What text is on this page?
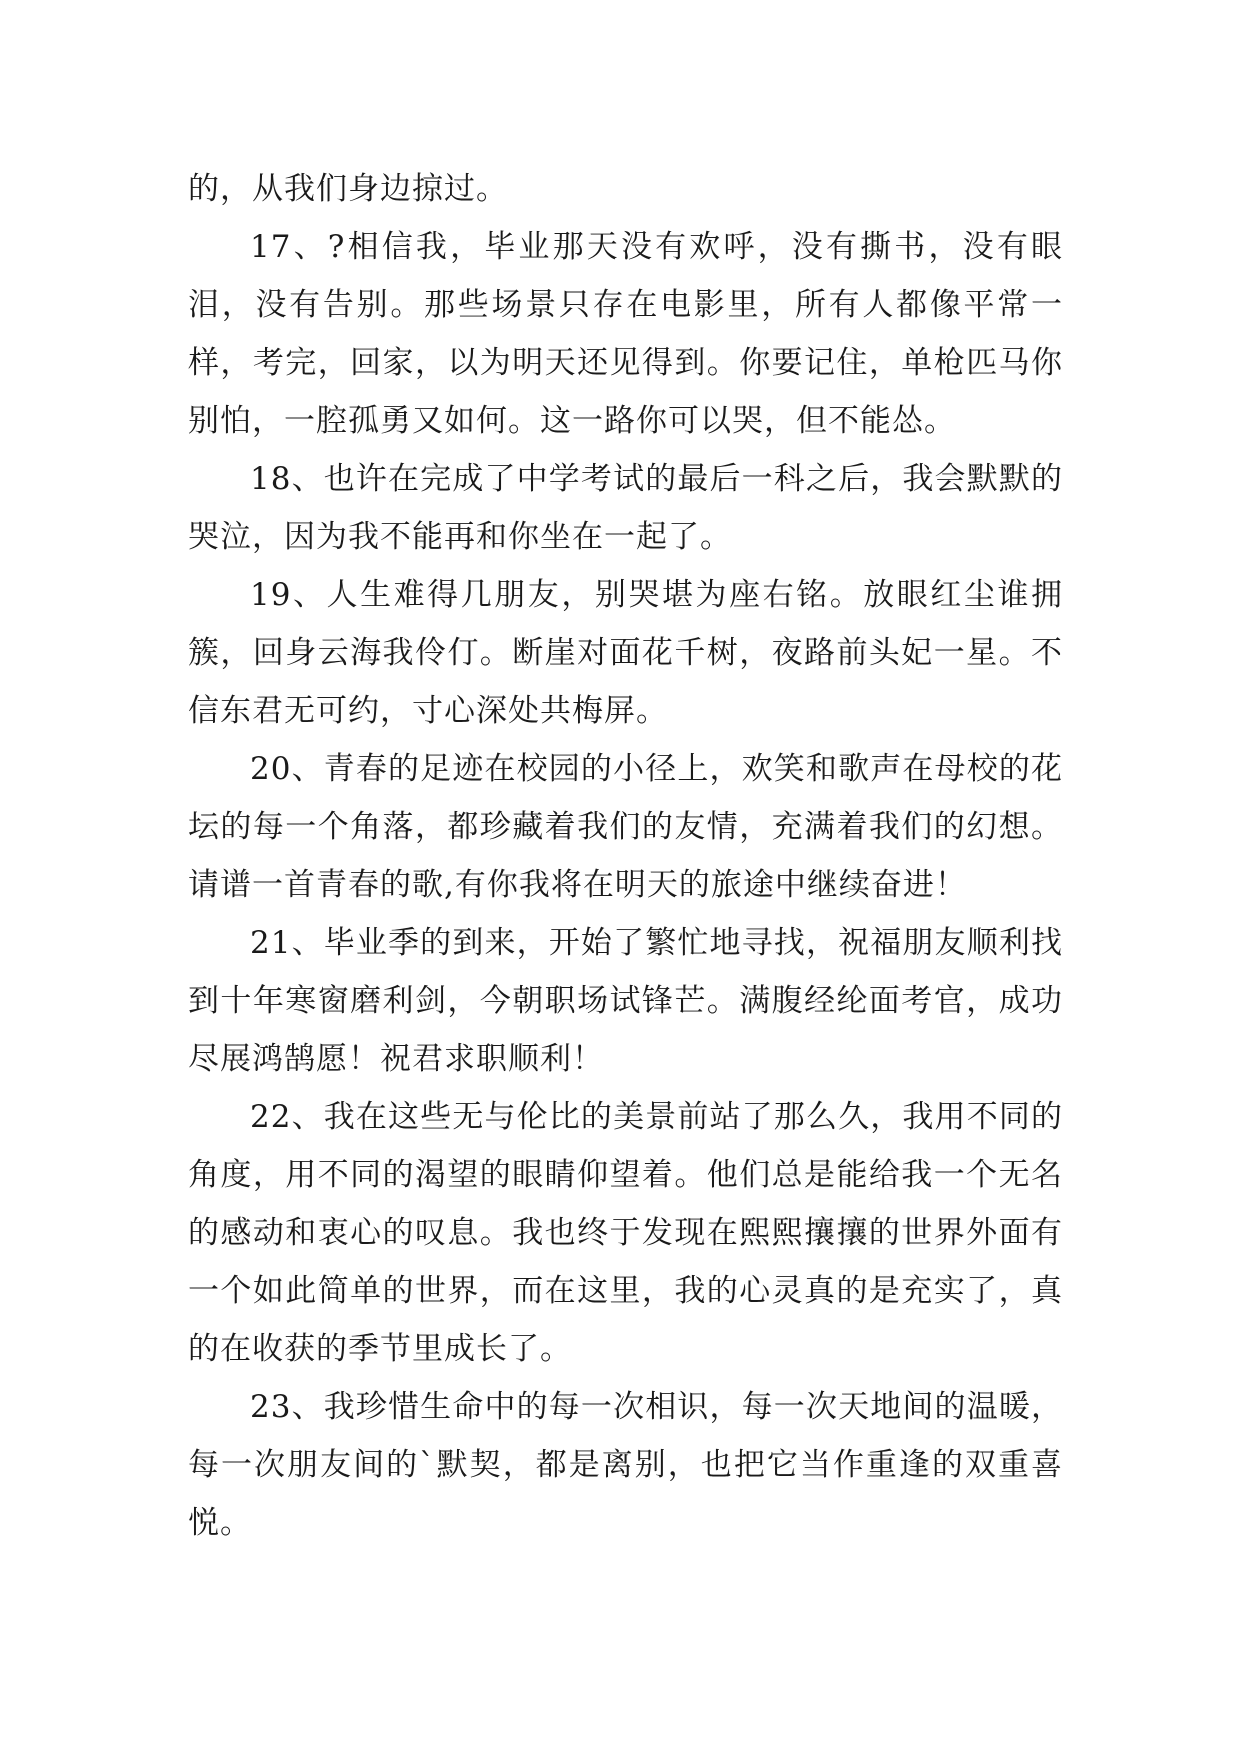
的，从我们身边掠过。

17、?相信我，毕业那天没有欢呼，没有撕书，没有眼泪，没有告别。那些场景只存在电影里，所有人都像平常一样，考完，回家，以为明天还见得到。你要记住，单枪匹马你别怕，一腔孤勇又如何。这一路你可以哭，但不能怂。

18、也许在完成了中学考试的最后一科之后，我会默默的哭泣，因为我不能再和你坐在一起了。

19、人生难得几朋友，别哭堪为座右铭。放眼红尘谁拥簇，回身云海我伶仃。断崖对面花千树，夜路前头妃一星。不信东君无可约，寸心深处共梅屏。

20、青春的足迹在校园的小径上，欢笑和歌声在母校的花坛的每一个角落，都珍藏着我们的友情，充满着我们的幻想。请谱一首青春的歌,有你我将在明天的旅途中继续奋进！

21、毕业季的到来，开始了繁忙地寻找，祝福朋友顺利找到十年寒窗磨利剑，今朝职场试锋芒。满腹经纶面考官，成功尽展鸿鹄愿！祝君求职顺利！

22、我在这些无与伦比的美景前站了那么久，我用不同的角度，用不同的渴望的眼睛仰望着。他们总是能给我一个无名的感动和衷心的叹息。我也终于发现在熙熙攘攘的世界外面有一个如此简单的世界，而在这里，我的心灵真的是充实了，真的在收获的季节里成长了。

23、我珍惜生命中的每一次相识，每一次天地间的温暖，每一次朋友间的`默契，都是离别，也把它当作重逢的双重喜悦。
